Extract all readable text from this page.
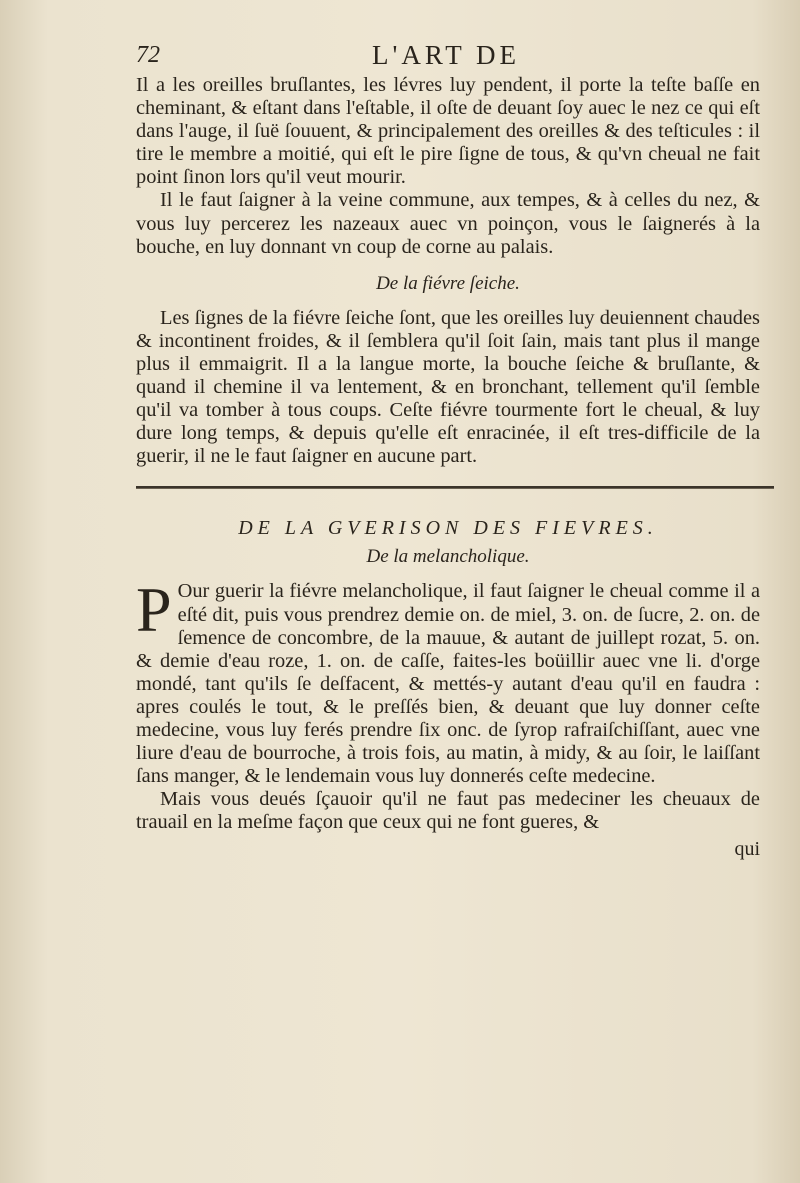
72	L'ART DE

Il a les oreilles bruſlantes, les lévres luy pendent, il porte la teſte baſſe en cheminant, & eſtant dans l'eſtable, il oſte de deuant ſoy auec le nez ce qui eſt dans l'auge, il ſuë ſouuent, & principalement des oreilles & des teſticules : il tire le membre a moitié, qui eſt le pire ſigne de tous, & qu'vn cheual ne fait point ſinon lors qu'il veut mourir.

Il le faut ſaigner à la veine commune, aux tempes, & à celles du nez, & vous luy percerez les nazeaux auec vn poinçon, vous le ſaignerés à la bouche, en luy donnant vn coup de corne au palais.

De la fiévre ſeiche.

Les ſignes de la fiévre ſeiche ſont, que les oreilles luy deuiennent chaudes & incontinent froides, & il ſemblera qu'il ſoit ſain, mais tant plus il mange plus il emmaigrit. Il a la langue morte, la bouche ſeiche & bruſlante, & quand il chemine il va lentement, & en bronchant, tellement qu'il ſemble qu'il va tomber à tous coups. Ceſte fiévre tourmente fort le cheual, & luy dure long temps, & depuis qu'elle eſt enracinée, il eſt tres-difficile de la guerir, il ne le faut ſaigner en aucune part.

DE LA GVERISON DES FIEVRES.
De la melancholique.

P Our guerir la fiévre melancholique, il faut ſaigner le cheual comme il a eſté dit, puis vous prendrez demie on. de miel, 3. on. de ſucre, 2. on. de ſemence de concombre, de la mauue, & autant de juillept rozat, 5. on. & demie d'eau roze, 1. on. de caſſe, faites-les boüillir auec vne li. d'orge mondé, tant qu'ils ſe deſfacent, & mettés-y autant d'eau qu'il en faudra : apres coulés le tout, & le preſſés bien, & deuant que luy donner ceſte medecine, vous luy ferés prendre ſix onc. de ſyrop rafraiſchiſſant, auec vne liure d'eau de bourroche, à trois fois, au matin, à midy, & au ſoir, le laiſſant ſans manger, & le lendemain vous luy donnerés ceſte medecine.

Mais vous deués ſçauoir qu'il ne faut pas medeciner les cheuaux de trauail en la meſme façon que ceux qui ne font gueres, &

qui
